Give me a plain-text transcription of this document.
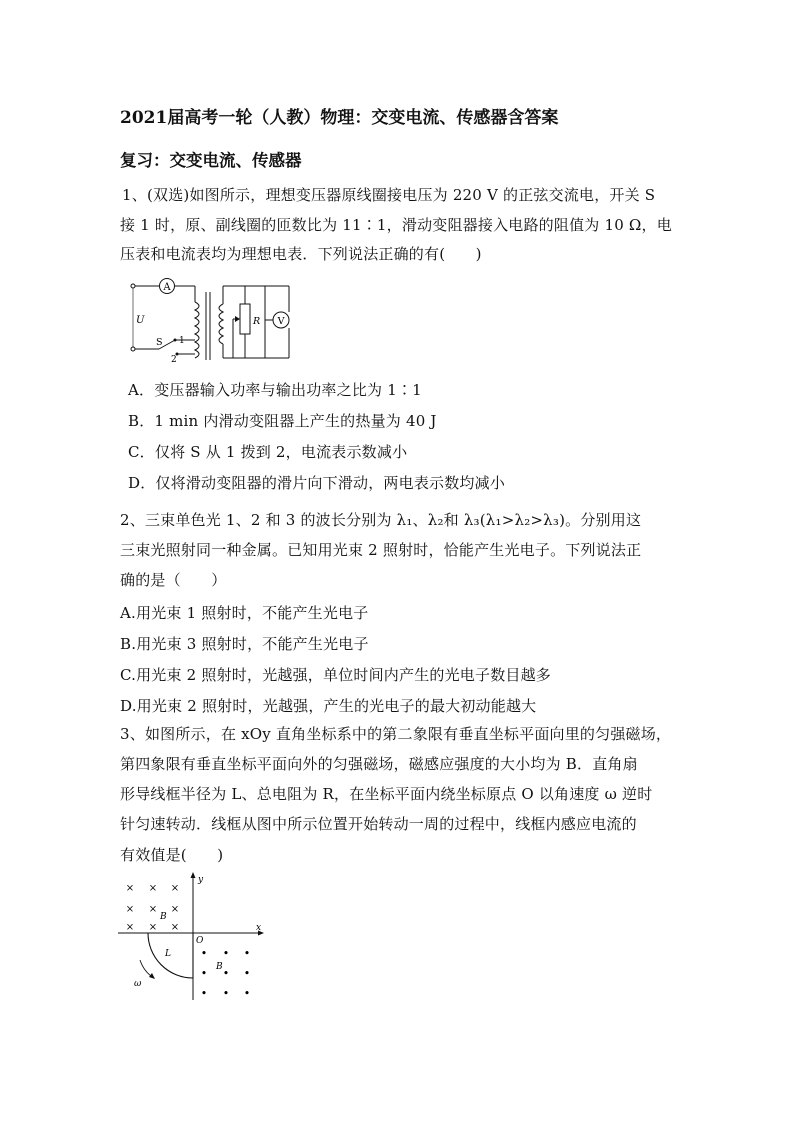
2021届高考一轮（人教）物理：交变电流、传感器含答案
复习：交变电流、传感器
1、(双选)如图所示，理想变压器原线圈接电压为 220 V 的正弦交流电，开关 S
接 1 时，原、副线圈的匝数比为 11∶1，滑动变阻器接入电路的阻值为 10 Ω，电
压表和电流表均为理想电表．下列说法正确的有(　　)
A
U
S 1
2
R V
A．变压器输入功率与输出功率之比为 1∶1
B．1 min 内滑动变阻器上产生的热量为 40 J
C．仅将 S 从 1 拨到 2，电流表示数减小
D．仅将滑动变阻器的滑片向下滑动，两电表示数均减小
2、三束单色光 1、2 和 3 的波长分别为 λ₁、λ₂和 λ₃(λ₁>λ₂>λ₃)。分别用这
三束光照射同一种金属。已知用光束 2 照射时，恰能产生光电子。下列说法正
确的是（　　）
A.用光束 1 照射时，不能产生光电子
B.用光束 3 照射时，不能产生光电子
C.用光束 2 照射时，光越强，单位时间内产生的光电子数目越多
D.用光束 2 照射时，光越强，产生的光电子的最大初动能越大
3、如图所示，在 xOy 直角坐标系中的第二象限有垂直坐标平面向里的匀强磁场，
第四象限有垂直坐标平面向外的匀强磁场，磁感应强度的大小均为 B．直角扇
形导线框半径为 L、总电阻为 R，在坐标平面内绕坐标原点 O 以角速度 ω 逆时
针匀速转动．线框从图中所示位置开始转动一周的过程中，线框内感应电流的
有效值是(　　)
y
x
O
× × ×
× × ×
× × ×
B
• • •
• • •
• • •
B
L
ω
